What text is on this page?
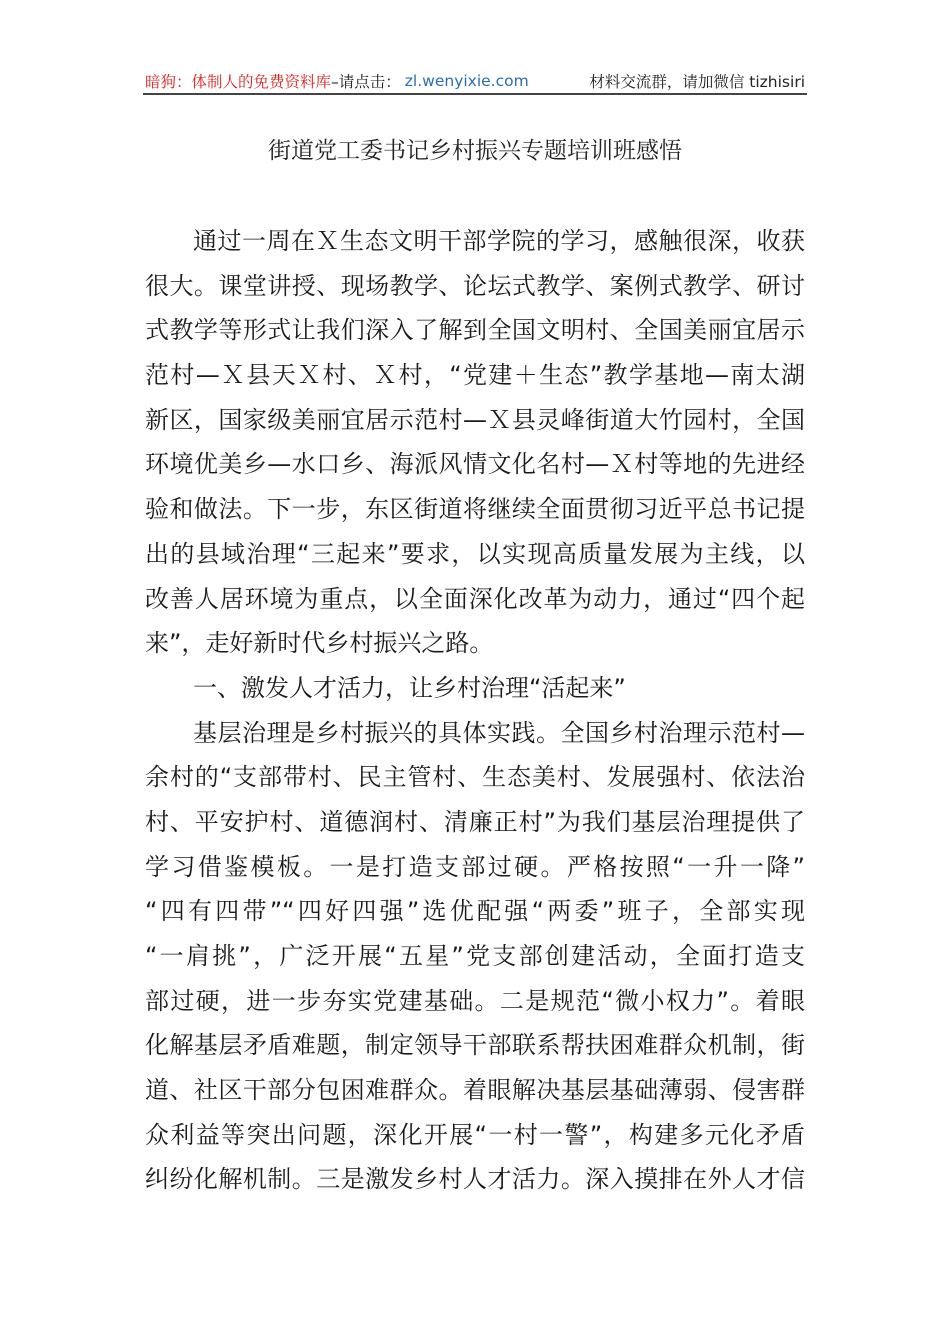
暗狗：体制人的免费资料库 –请点击： zl.wenyixie.com	材料交流群，请加微信 tizhisiri
街道党工委书记乡村振兴专题培训班感悟
通过一周在Ｘ生态文明干部学院的学习，感触很深，收获
很大。课堂讲授、现场教学、论坛式教学、案例式教学、研讨
式教学等形式让我们深入了解到全国文明村、全国美丽宜居示
范村—Ｘ县天Ｘ村、Ｘ村，“党建＋生态”教学基地—南太湖
新区，国家级美丽宜居示范村—Ｘ县灵峰街道大竹园村，全国
环境优美乡—水口乡、海派风情文化名村—Ｘ村等地的先进经
验和做法。下一步，东区街道将继续全面贯彻习近平总书记提
出的县域治理“三起来”要求，以实现高质量发展为主线，以
改善人居环境为重点，以全面深化改革为动力，通过“四个起
来”，走好新时代乡村振兴之路。
一、激发人才活力，让乡村治理“活起来”
基层治理是乡村振兴的具体实践。全国乡村治理示范村—
余村的“支部带村、民主管村、生态美村、发展强村、依法治
村、平安护村、道德润村、清廉正村”为我们基层治理提供了
学习借鉴模板。一是打造支部过硬。严格按照“一升一降”
“四有四带”“四好四强”选优配强“两委”班子，全部实现
“一肩挑”，广泛开展“五星”党支部创建活动，全面打造支
部过硬，进一步夯实党建基础。二是规范“微小权力”。着眼
化解基层矛盾难题，制定领导干部联系帮扶困难群众机制，街
道、社区干部分包困难群众。着眼解决基层基础薄弱、侵害群
众利益等突出问题，深化开展“一村一警”，构建多元化矛盾
纠纷化解机制。三是激发乡村人才活力。深入摸排在外人才信
